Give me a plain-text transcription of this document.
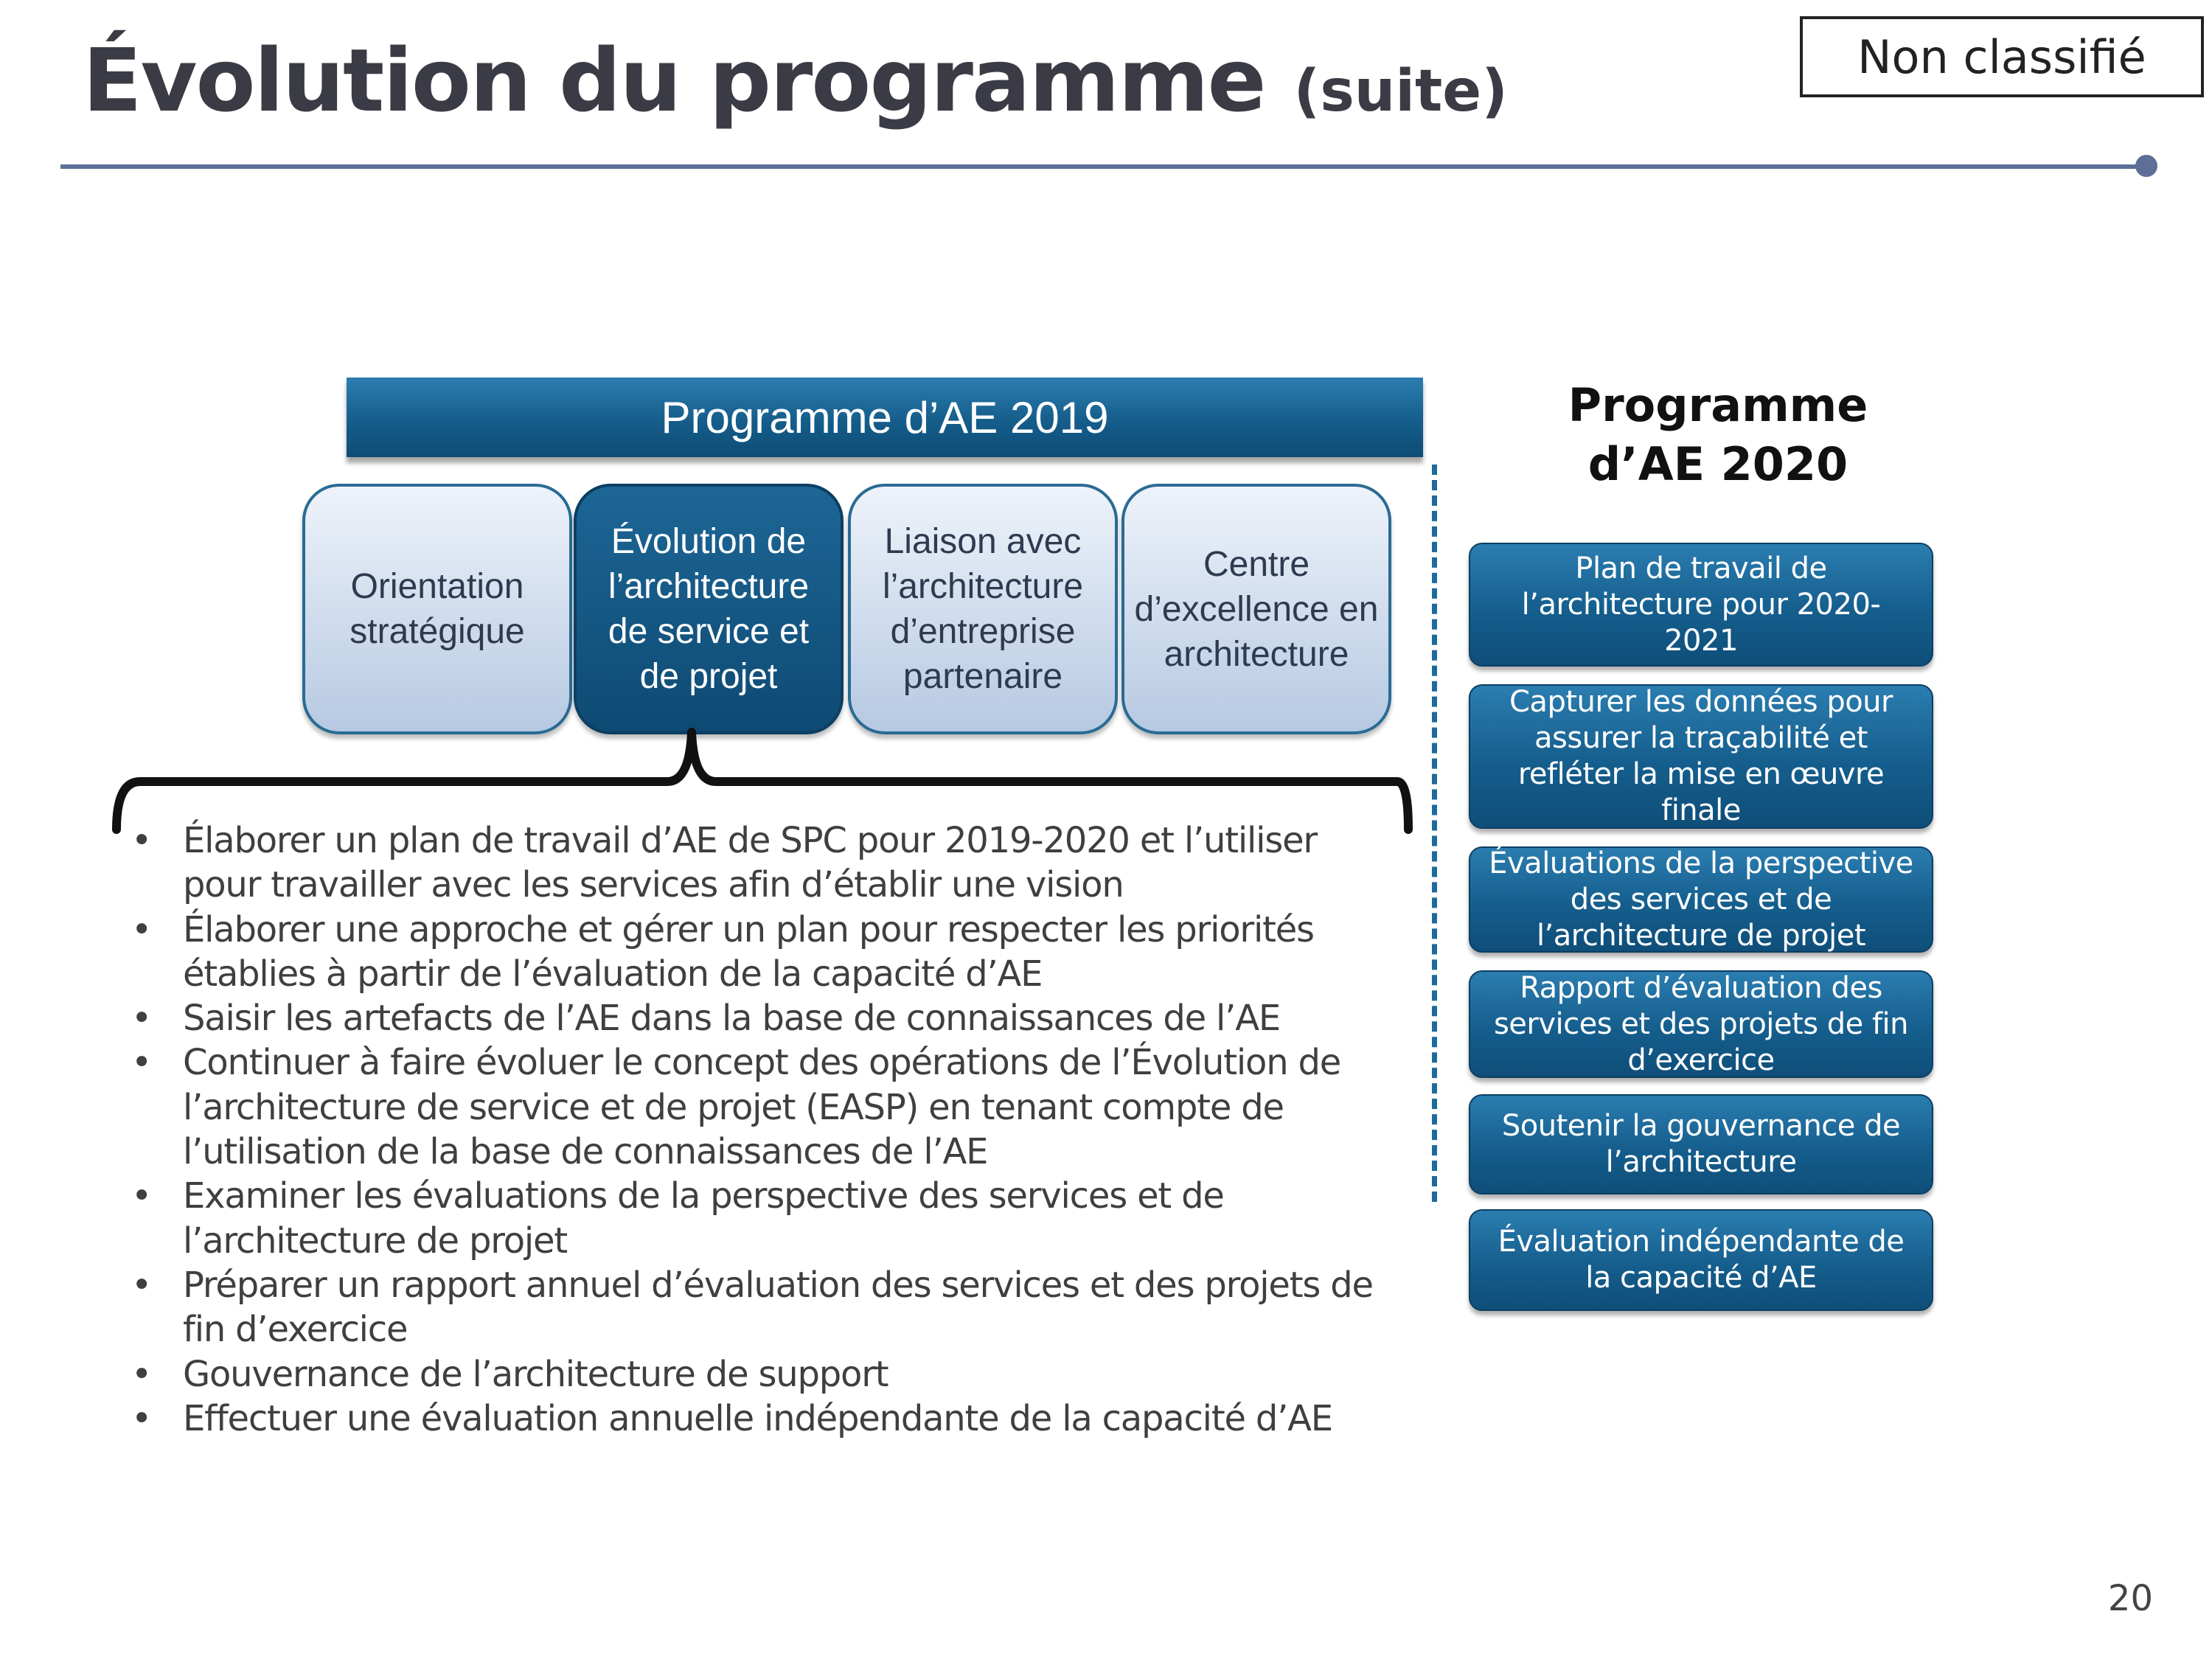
Évolution du programme (suite)
Non classifié
Programme d’AE 2019
Orientation stratégique
Évolution de l’architecture de service et de projet
Liaison avec l’architecture d’entreprise partenaire
Centre d’excellence en architecture
• Élaborer un plan de travail d’AE de SPC pour 2019-2020 et l’utiliser pour travailler avec les services afin d’établir une vision
• Élaborer une approche et gérer un plan pour respecter les priorités établies à partir de l’évaluation de la capacité d’AE
• Saisir les artefacts de l’AE dans la base de connaissances de l’AE
• Continuer à faire évoluer le concept des opérations de l’Évolution de l’architecture de service et de projet (EASP) en tenant compte de l’utilisation de la base de connaissances de l’AE
• Examiner les évaluations de la perspective des services et de l’architecture de projet
• Préparer un rapport annuel d’évaluation des services et des projets de fin d’exercice
• Gouvernance de l’architecture de support
• Effectuer une évaluation annuelle indépendante de la capacité d’AE
Programme
d’AE 2020
Plan de travail de l’architecture pour 2020-2021
Capturer les données pour assurer la traçabilité et refléter la mise en œuvre finale
Évaluations de la perspective des services et de l’architecture de projet
Rapport d’évaluation des services et des projets de fin d’exercice
Soutenir la gouvernance de l’architecture
Évaluation indépendante de la capacité d’AE
20
